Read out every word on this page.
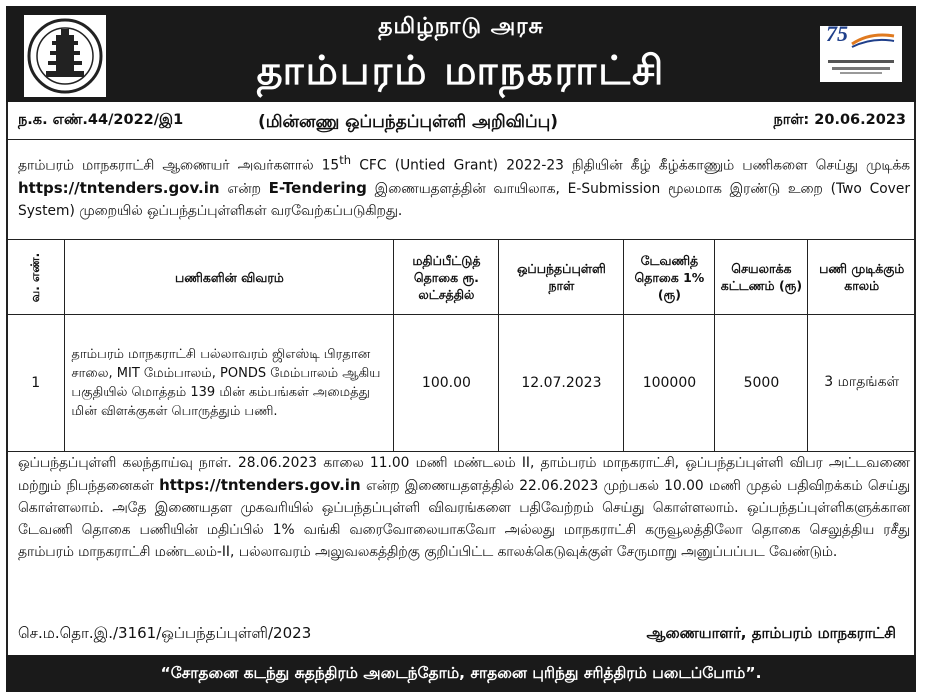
தமிழ்நாடு அரசு
தாம்பரம் மாநகராட்சி
75
ந.க. எண்.44/2022/இ1	(மின்னணு ஒப்பந்தப்புள்ளி அறிவிப்பு)	நாள்: 20.06.2023
தாம்பரம் மாநகராட்சி ஆணையர் அவர்களால் 15th CFC (Untied Grant) 2022-23 நிதியின் கீழ் கீழ்க்காணும் பணிகளை செய்து முடிக்க https://tntenders.gov.in என்ற E-Tendering இணையதளத்தின் வாயிலாக, E-Submission மூலமாக இரண்டு உறை (Two Cover System) முறையில் ஒப்பந்தப்புள்ளிகள் வரவேற்கப்படுகிறது.
வ. எண்.	பணிகளின் விவரம்	மதிப்பீட்டுத் தொகை ரூ. லட்சத்தில்	ஒப்பந்தப்புள்ளி நாள்	டேவணித் தொகை 1% (ரூ)	செயலாக்க கட்டணம் (ரூ)	பணி முடிக்கும் காலம்
1	தாம்பரம் மாநகராட்சி பல்லாவரம் ஜிஎஸ்டி பிரதான சாலை, MIT மேம்பாலம், PONDS மேம்பாலம் ஆகிய பகுதியில் மொத்தம் 139 மின் கம்பங்கள் அமைத்து மின் விளக்குகள் பொருத்தும் பணி.	100.00	12.07.2023	100000	5000	3 மாதங்கள்
ஒப்பந்தப்புள்ளி கலந்தாய்வு நாள். 28.06.2023 காலை 11.00 மணி மண்டலம் II, தாம்பரம் மாநகராட்சி, ஒப்பந்தப்புள்ளி விபர அட்டவணை மற்றும் நிபந்தனைகள் https://tntenders.gov.in என்ற இணையதளத்தில் 22.06.2023 முற்பகல் 10.00 மணி முதல் பதிவிறக்கம் செய்து கொள்ளலாம். அதே இணையதள முகவரியில் ஒப்பந்தப்புள்ளி விவரங்களை பதிவேற்றம் செய்து கொள்ளலாம். ஒப்பந்தப்புள்ளிகளுக்கான டேவணி தொகை பணியின் மதிப்பில் 1% வங்கி வரைவோலையாகவோ அல்லது மாநகராட்சி கருவூலத்திலோ தொகை செலுத்திய ரசீது தாம்பரம் மாநகராட்சி மண்டலம்-II, பல்லாவரம் அலுவலகத்திற்கு குறிப்பிட்ட காலக்கெடுவுக்குள் சேருமாறு அனுப்பப்பட வேண்டும்.
செ.ம.தொ.இ./3161/ஒப்பந்தப்புள்ளி/2023	ஆணையாளர், தாம்பரம் மாநகராட்சி
“சோதனை கடந்து சுதந்திரம் அடைந்தோம், சாதனை புரிந்து சரித்திரம் படைப்போம்”.
